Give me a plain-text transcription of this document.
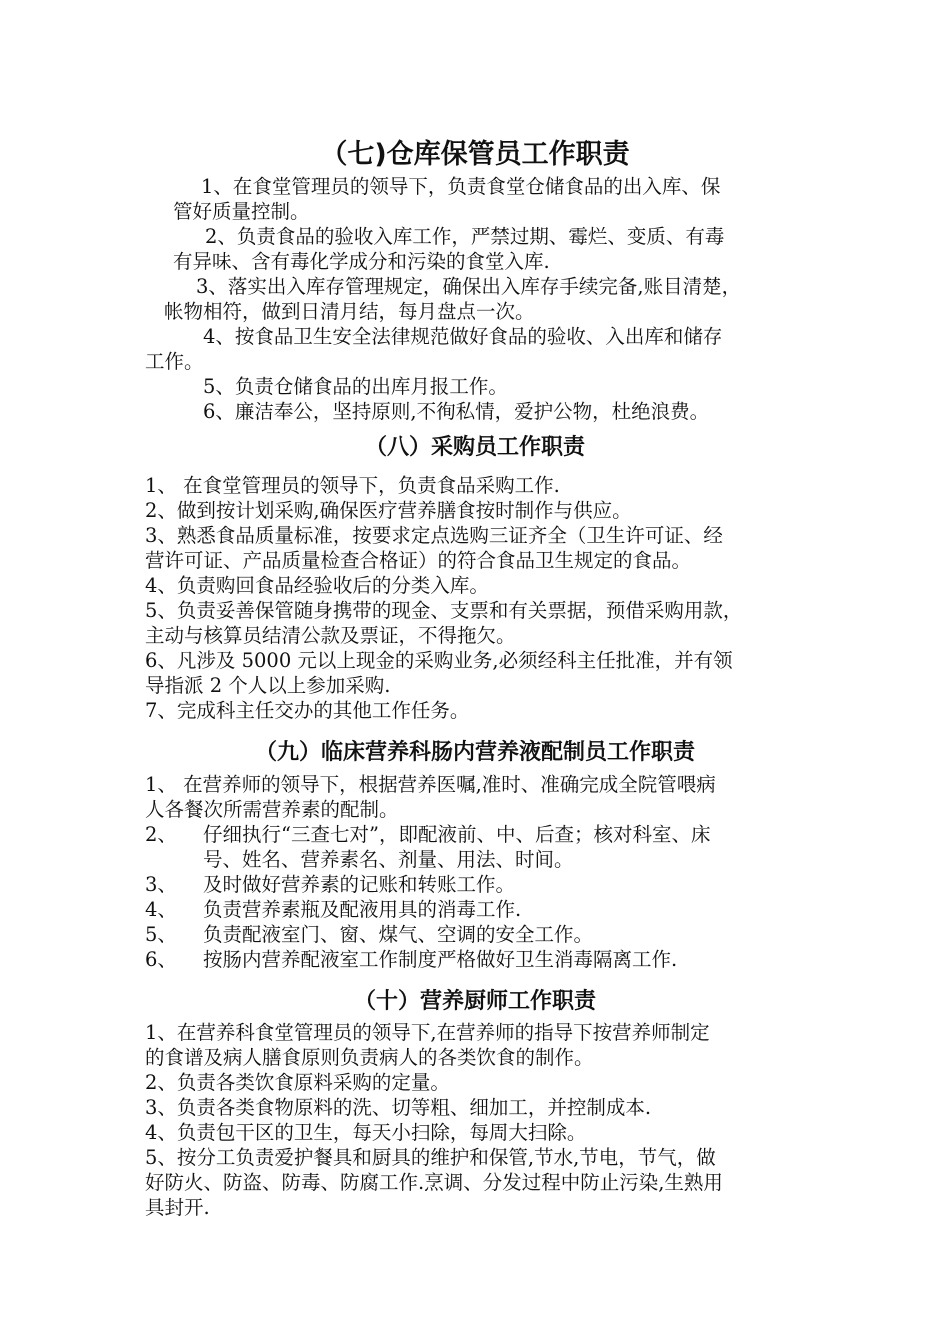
（七)仓库保管员工作职责

1、在食堂管理员的领导下，负责食堂仓储食品的出入库、保

管好质量控制。

2、负责食品的验收入库工作，严禁过期、霉烂、变质、有毒

有异味、含有毒化学成分和污染的食堂入库.

3、落实出入库存管理规定，确保出入库存手续完备,账目清楚，

帐物相符，做到日清月结，每月盘点一次。

4、按食品卫生安全法律规范做好食品的验收、入出库和储存

工作。

5、负责仓储食品的出库月报工作。

6、廉洁奉公，坚持原则,不徇私情，爱护公物，杜绝浪费。

（八）采购员工作职责

1、 在食堂管理员的领导下，负责食品采购工作.

2、做到按计划采购,确保医疗营养膳食按时制作与供应。

3、熟悉食品质量标准，按要求定点选购三证齐全（卫生许可证、经

营许可证、产品质量检查合格证）的符合食品卫生规定的食品。

4、负责购回食品经验收后的分类入库。

5、负责妥善保管随身携带的现金、支票和有关票据，预借采购用款，

主动与核算员结清公款及票证，不得拖欠。

6、凡涉及 5000 元以上现金的采购业务,必须经科主任批准，并有领

导指派 2 个人以上参加采购.

7、完成科主任交办的其他工作任务。

（九）临床营养科肠内营养液配制员工作职责

1、 在营养师的领导下，根据营养医嘱,准时、准确完成全院管喂病

人各餐次所需营养素的配制。

2、 仔细执行“三查七对”，即配液前、中、后查；核对科室、床

号、姓名、营养素名、剂量、用法、时间。

3、 及时做好营养素的记账和转账工作。

4、 负责营养素瓶及配液用具的消毒工作.

5、 负责配液室门、窗、煤气、空调的安全工作。

6、 按肠内营养配液室工作制度严格做好卫生消毒隔离工作.

（十）营养厨师工作职责

1、在营养科食堂管理员的领导下,在营养师的指导下按营养师制定

的食谱及病人膳食原则负责病人的各类饮食的制作。

2、负责各类饮食原料采购的定量。

3、负责各类食物原料的洗、切等粗、细加工，并控制成本.

4、负责包干区的卫生，每天小扫除，每周大扫除。

5、按分工负责爱护餐具和厨具的维护和保管,节水,节电，节气，做

好防火、防盗、防毒、防腐工作.烹调、分发过程中防止污染,生熟用

具封开.
